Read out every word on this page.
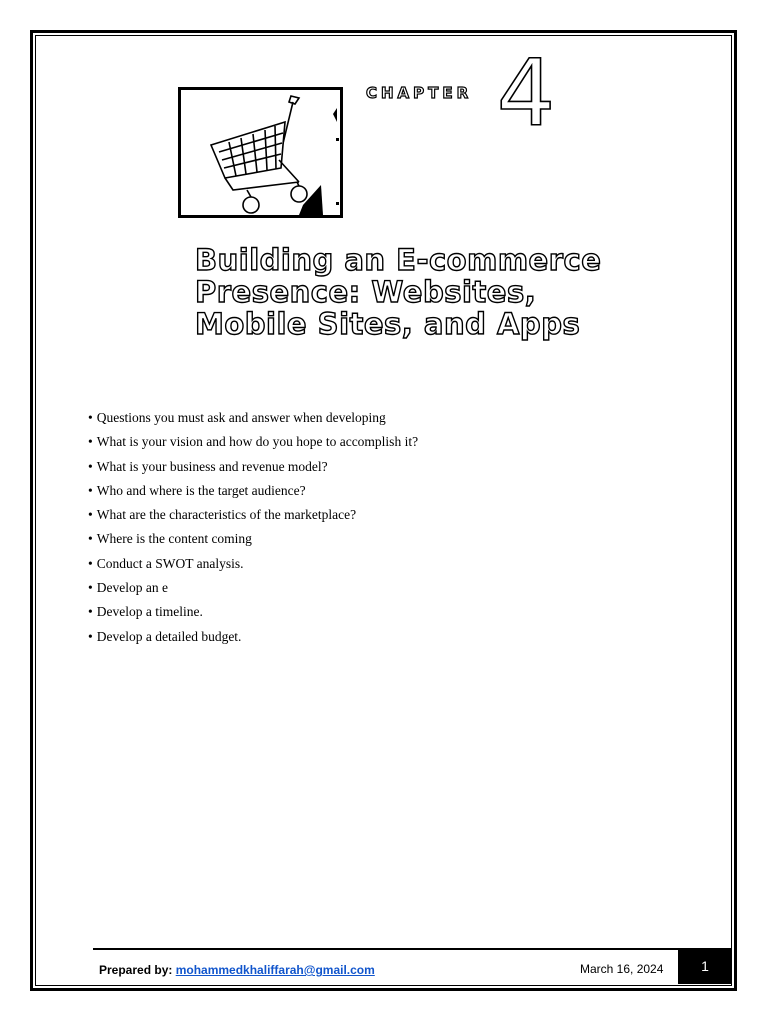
CHAPTER 4
Building an E-commerce
Presence: Websites,
Mobile Sites, and Apps
• Questions you must ask and answer when developing
• What is your vision and how do you hope to accomplish it?
• What is your business and revenue model?
• Who and where is the target audience?
• What are the characteristics of the marketplace?
• Where is the content coming
• Conduct a SWOT analysis.
• Develop an e
• Develop a timeline.
• Develop a detailed budget.
Prepared by: mohammedkhaliffarah@gmail.com	March 16, 2024	1
